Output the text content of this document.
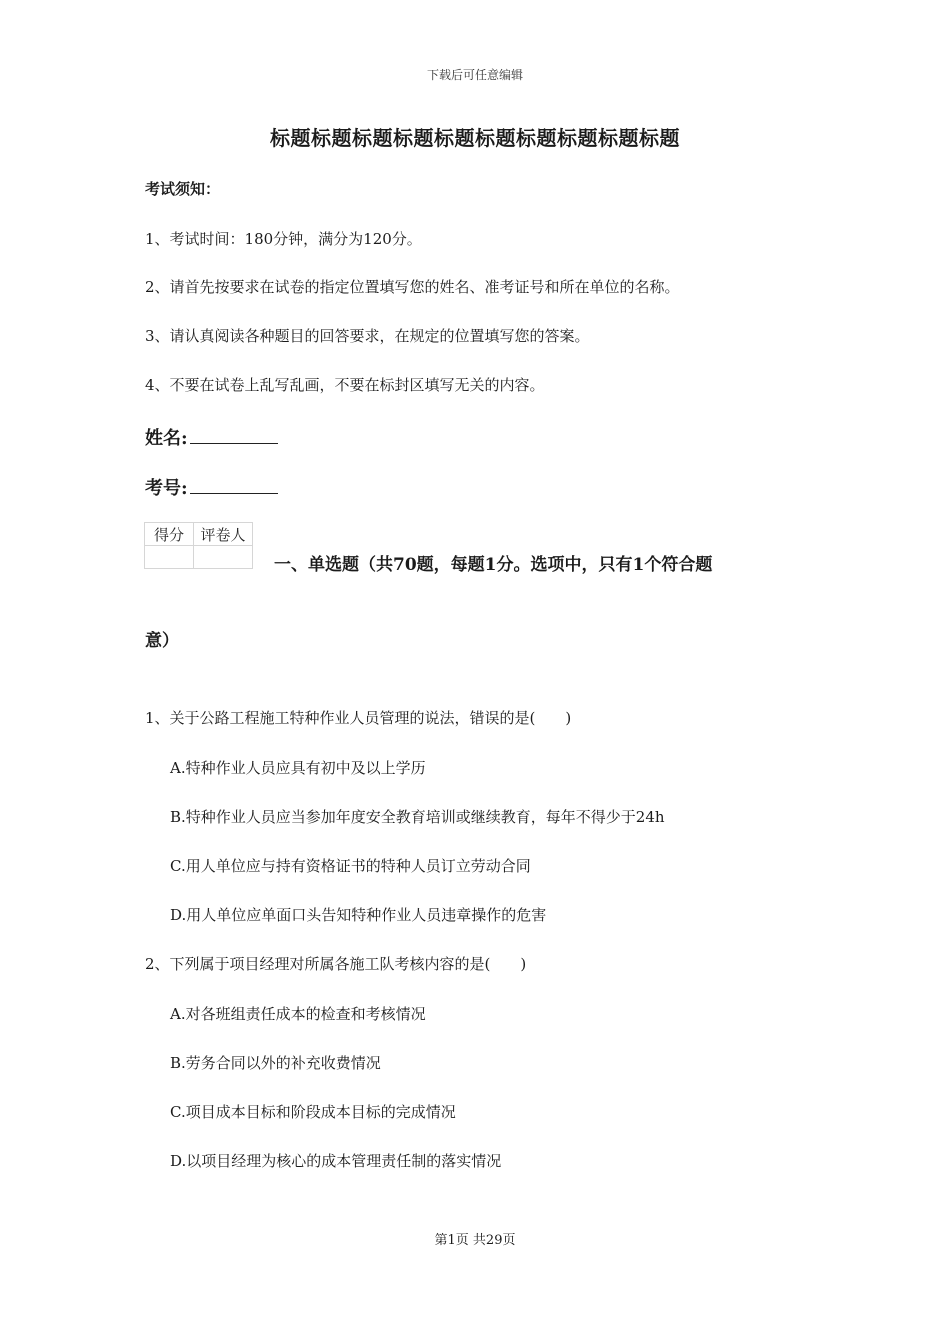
下载后可任意编辑
标题标题标题标题标题标题标题标题标题标题
考试须知：
1、考试时间：180分钟，满分为120分。
2、请首先按要求在试卷的指定位置填写您的姓名、准考证号和所在单位的名称。
3、请认真阅读各种题目的回答要求，在规定的位置填写您的答案。
4、不要在试卷上乱写乱画，不要在标封区填写无关的内容。
姓名:
考号:
得分	评卷人

一、单选题（共70题，每题1分。选项中，只有1个符合题
意）
1、关于公路工程施工特种作业人员管理的说法，错误的是(　　)
A.特种作业人员应具有初中及以上学历
B.特种作业人员应当参加年度安全教育培训或继续教育，每年不得少于24h
C.用人单位应与持有资格证书的特种人员订立劳动合同
D.用人单位应单面口头告知特种作业人员违章操作的危害
2、下列属于项目经理对所属各施工队考核内容的是(　　)
A.对各班组责任成本的检查和考核情况
B.劳务合同以外的补充收费情况
C.项目成本目标和阶段成本目标的完成情况
D.以项目经理为核心的成本管理责任制的落实情况
第1页 共29页
